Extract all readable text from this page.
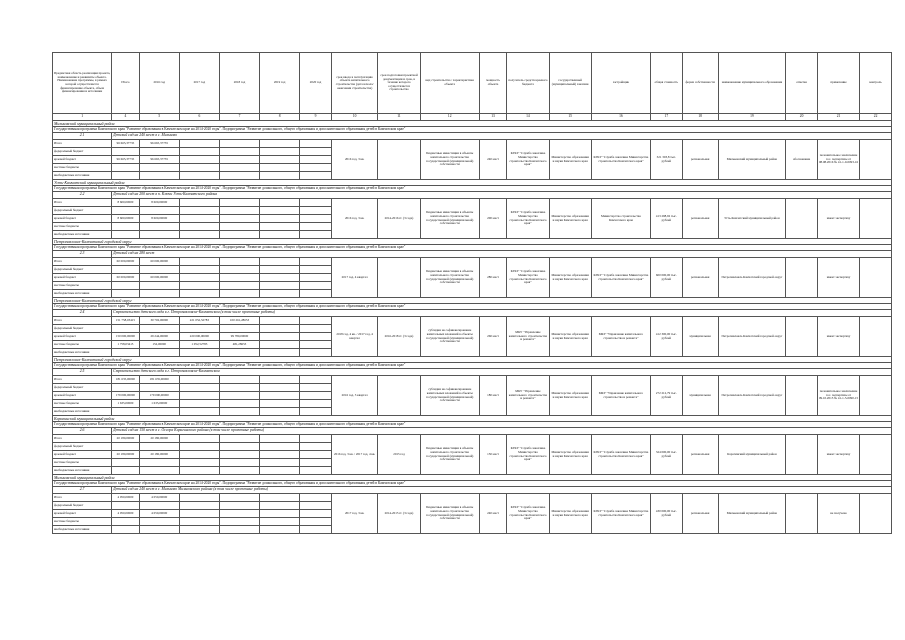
Предметная область реализации проекта, наименование и реквизиты объекта. Наименование программы, в рамках которой осуществляется финансирование объекта, объем финансирования и источники	Итого	2016 год	2017 год	2018 год	2019 год	2020 год	срок ввода в эксплуатацию объекта капитального строительства (дата начала/окончания строительства)	срок подготовки проектной документации и срок, в течение которого осуществляется строительство	вид строительства / характеристика объекта	мощность объекта	получатель средств краевого бюджета	государственный (муниципальный) заказчик	застройщик	общая стоимость	форма собственности	наименование муниципального образования	отметка	примечание	контроль
1	4	5	6	7	8	9	10	11	12	13	14	15	16	17	18	19	20	21	22
Мильковский муниципальный район																			
Государственная программа Камчатского края "Развитие образования в Камчатском крае на 2014-2020 годы". Подпрограмма "Развитие дошкольного, общего образования и дополнительного образования детей в Камчатском крае"																			
2.1	Детский сад на 240 мест в с. Мильково																		
Итого	96 665,37735	96 665,37735					2016 год, 3 кв.		Бюджетные инвестиции в объекты капитального строительства государственной (муниципальной) собственности	240 мест	КГКУ "Служба заказчика Министерства строительства Камчатского края"	Министерство образования и науки Камчатского края	КГКУ "Служба заказчика Министерства строительства Камчатского края"	321 303,8 тыс. рублей	региональная	Мильковский муниципальный район	обоснование	положительное заключение гос. экспертизы от 08.08.2016 № 41-1-0-0093-16	
федеральный бюджет																			
краевой бюджет	96 665,37735	96 665,37735																	
местные бюджеты																			
внебюджетные источники																			
Усть-Камчатский муниципальный район																			
Государственная программа Камчатского края "Развитие образования в Камчатском крае на 2014-2020 годы". Подпрограмма "Развитие дошкольного, общего образования и дополнительного образования детей в Камчатском крае"																			
2.2	Детский сад на 200 мест в п. Ключи Усть-Камчатского района																		
Итого	8 600,00000	8 600,00000					2016 год, 3 кв.	2014-2016 гг. (3 года)	Бюджетные инвестиции в объекты капитального строительства государственной (муниципальной) собственности	200 мест	КГКУ "Служба заказчика Министерства строительства Камчатского края"	Министерство образования и науки Камчатского края	Министерство строительства Камчатского края	413 298,92 тыс. рублей	региональная	Усть-Камчатский муниципальный район		имеет экспертизу	
федеральный бюджет																			
краевой бюджет	8 600,00000	8 600,00000																	
местные бюджеты																			
внебюджетные источники																			
Петропавловск-Камчатский городской округ																			
Государственная программа Камчатского края "Развитие образования в Камчатском крае на 2014-2020 годы". Подпрограмма "Развитие дошкольного, общего образования и дополнительного образования детей в Камчатском крае"																			
2.3	Детский сад на 280 мест																		
Итого	60 000,00000	60 000,00000					2017 год, 4 квартал		Бюджетные инвестиции в объекты капитального строительства государственной (муниципальной) собственности	280 мест	КГКУ "Служба заказчика Министерства строительства Камчатского края"	Министерство образования и науки Камчатского края	КГКУ "Служба заказчика Министерства строительства Камчатского края"	600 000,00 тыс. рублей	региональная	Петропавловск-Камчатский городской округ		имеет экспертизу	
федеральный бюджет																			
краевой бюджет	60 000,00000	60 000,00000																	
местные бюджеты																			
внебюджетные источники																			
Петропавловск-Камчатский городской округ																			
Государственная программа Камчатского края "Развитие образования в Камчатском крае на 2014-2020 годы". Подпрограмма "Развитие дошкольного, общего образования и дополнительного образования детей в Камчатском крае"																			
2.4	Строительство детского сада в г. Петропавловске-Камчатском (в том числе проектные работы)																		
Итого	151 758,03415	30 702,00000	221 052,52783	100 261,28653			2018 год, 4 кв. / 2017 год, 4 квартал	2016-2018 гг. (3 года)	субсидии на софинансирование капитальных вложений в объекты государственной (муниципальной) собственности	260 мест	МКУ "Управление капитального строительства и ремонта"	Министерство образования и науки Камчатского края	МКУ "Управление капитального строительства и ремонта"	412 300,00 тыс. рублей	муниципальная	Петропавловск-Камчатский городской округ		имеет экспертизу	
федеральный бюджет																			
краевой бюджет	150 000,00000	29 244,00000	220 000,00000	99 780,00000															
местные бюджеты	1 758,03415	152,00000	1 052,52783	481,28653															
внебюджетные источники																			
Петропавловск-Камчатский городской округ																			
Государственная программа Камчатского края "Развитие образования в Камчатском крае на 2014-2020 годы". Подпрограмма "Развитие дошкольного, общего образования и дополнительного образования детей в Камчатском крае"																			
2.5	Строительство детского сада в г. Петропавловске-Камчатском																		
Итого	181 635,00000	181 635,00000					2016 год, 3 квартал		субсидии на софинансирование капитальных вложений в объекты государственной (муниципальной) собственности	180 мест	МКУ "Управление капитального строительства и ремонта"	Министерство образования и науки Камчатского края	МКУ "Управление капитального строительства и ремонта"	272 212,79 тыс. рублей	муниципальная	Петропавловск-Камчатский городской округ		положительное заключение гос. экспертизы от 09.10.2015 № 41-1-5-0090-15	
федеральный бюджет																			
краевой бюджет	179 000,00000	179 000,00000																	
местные бюджеты	1 635,00000	1 635,00000																	
внебюджетные источники																			
Карагинский муниципальный район																			
Государственная программа Камчатского края "Развитие образования в Камчатском крае на 2014-2020 годы". Подпрограмма "Развитие дошкольного, общего образования и дополнительного образования детей в Камчатском крае"																			
2.6	Детский сад на 150 мест в с. Оссора Карагинского района (в том числе проектные работы)																		
Итого	20 180,00000	20 180,00000					2016 год, 3 кв. / 2017 год, 4 кв.	2015 год	Бюджетные инвестиции в объекты капитального строительства государственной (муниципальной) собственности	150 мест	КГКУ "Служба заказчика Министерства строительства Камчатского края"	Министерство образования и науки Камчатского края	КГКУ "Служба заказчика Министерства строительства Камчатского края"	324 000,00 тыс. рублей	региональная	Карагинский муниципальный район		имеет экспертизу	
федеральный бюджет																			
краевой бюджет	20 180,00000	20 180,00000																	
местные бюджеты																			
внебюджетные источники																			
Мильковский муниципальный район																			
Государственная программа Камчатского края "Развитие образования в Камчатском крае на 2014-2020 годы". Подпрограмма "Развитие дошкольного, общего образования и дополнительного образования детей в Камчатском крае"																			
2.7	Детский сад на 240 мест в с. Мильково Мильковского района (в том числе проектные работы)																		
Итого	4 050,00000	4 050,00000					2017 год, 3 кв.	2014-2015 гг. (3 года)	Бюджетные инвестиции в объекты капитального строительства государственной (муниципальной) собственности	240 мест	КГКУ "Служба заказчика Министерства строительства Камчатского края"	Министерство образования и науки Камчатского края	КГКУ "Служба заказчика Министерства строительства Камчатского края"	430 000,00 тыс. рублей	региональная	Мильковский муниципальный район		не получено	
федеральный бюджет																			
краевой бюджет	4 050,00000	4 050,00000																	
местные бюджеты																			
внебюджетные источники																			
